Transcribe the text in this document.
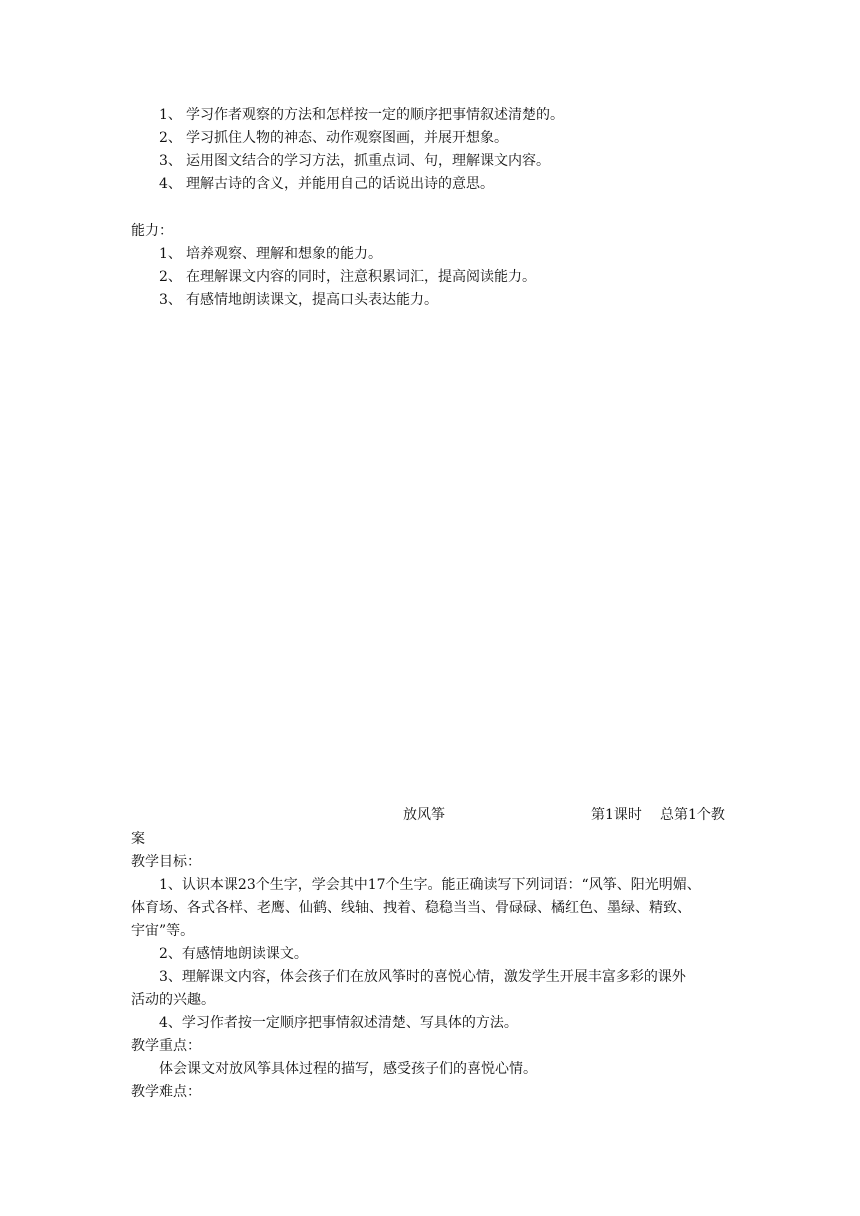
1、 学习作者观察的方法和怎样按一定的顺序把事情叙述清楚的。
2、 学习抓住人物的神态、动作观察图画，并展开想象。
3、 运用图文结合的学习方法，抓重点词、句，理解课文内容。
4、 理解古诗的含义，并能用自己的话说出诗的意思。
能力：
1、 培养观察、理解和想象的能力。
2、 在理解课文内容的同时，注意积累词汇，提高阅读能力。
3、 有感情地朗读课文，提高口头表达能力。
放风筝	第1课时 总第1个教
案
教学目标：
1、认识本课23个生字，学会其中17个生字。能正确读写下列词语：“风筝、阳光明媚、
体育场、各式各样、老鹰、仙鹤、线轴、拽着、稳稳当当、骨碌碌、橘红色、墨绿、精致、
宇宙”等。
2、有感情地朗读课文。
3、理解课文内容，体会孩子们在放风筝时的喜悦心情，激发学生开展丰富多彩的课外
活动的兴趣。
4、学习作者按一定顺序把事情叙述清楚、写具体的方法。
教学重点：
体会课文对放风筝具体过程的描写，感受孩子们的喜悦心情。
教学难点：
